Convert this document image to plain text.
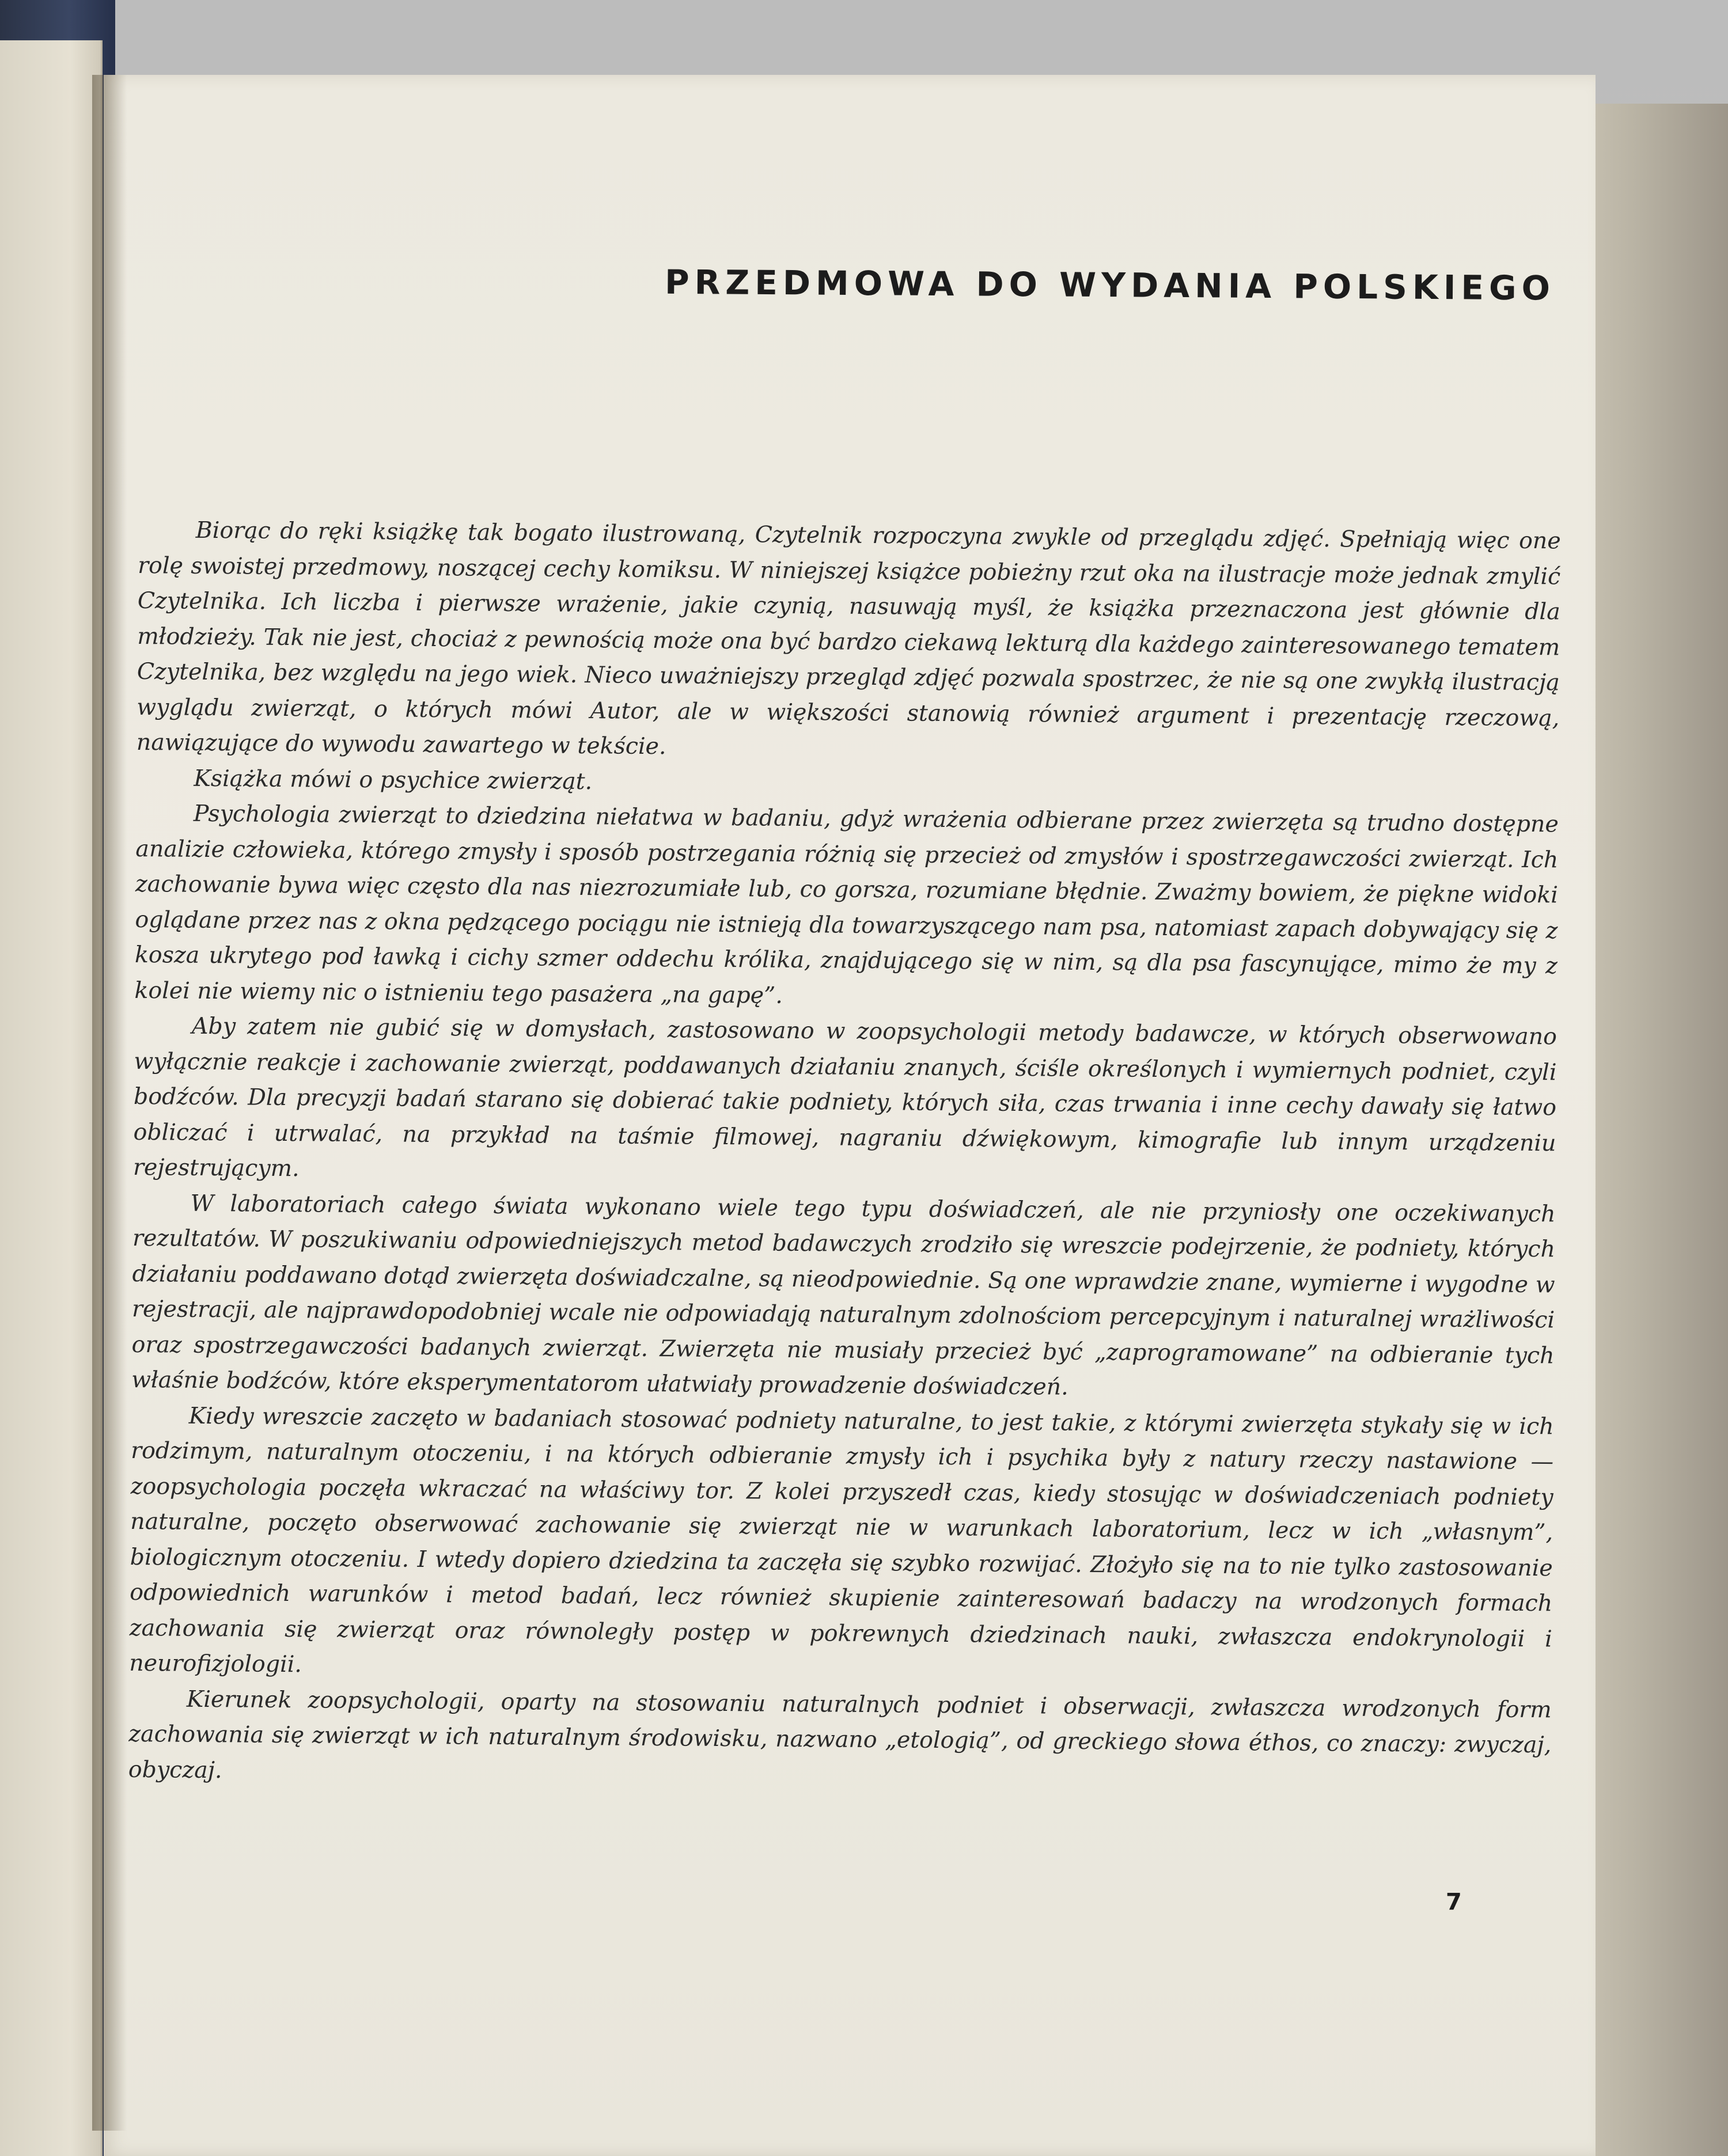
PRZEDMOWA DO WYDANIA POLSKIEGO

Biorąc do ręki książkę tak bogato ilustrowaną, Czytelnik rozpoczyna zwykle od przeglądu zdjęć. Spełniają więc one rolę swoistej przedmowy, noszącej cechy komiksu. W niniejszej książce pobieżny rzut oka na ilustracje może jednak zmylić Czytelnika. Ich liczba i pierwsze wrażenie, jakie czynią, nasuwają myśl, że książka przeznaczona jest głównie dla młodzieży. Tak nie jest, chociaż z pewnością może ona być bardzo ciekawą lekturą dla każdego zainteresowanego tematem Czytelnika, bez względu na jego wiek. Nieco uważniejszy przegląd zdjęć pozwala spostrzec, że nie są one zwykłą ilustracją wyglądu zwierząt, o których mówi Autor, ale w większości stanowią również argument i prezentację rzeczową, nawiązujące do wywodu zawartego w tekście.

Książka mówi o psychice zwierząt.

Psychologia zwierząt to dziedzina niełatwa w badaniu, gdyż wrażenia odbierane przez zwierzęta są trudno dostępne analizie człowieka, którego zmysły i sposób postrzegania różnią się przecież od zmysłów i spostrzegawczości zwierząt. Ich zachowanie bywa więc często dla nas niezrozumiałe lub, co gorsza, rozumiane błędnie. Zważmy bowiem, że piękne widoki oglądane przez nas z okna pędzącego pociągu nie istnieją dla towarzyszącego nam psa, natomiast zapach dobywający się z kosza ukrytego pod ławką i cichy szmer oddechu królika, znajdującego się w nim, są dla psa fascynujące, mimo że my z kolei nie wiemy nic o istnieniu tego pasażera „na gapę”.

Aby zatem nie gubić się w domysłach, zastosowano w zoopsychologii metody badawcze, w których obserwowano wyłącznie reakcje i zachowanie zwierząt, poddawanych działaniu znanych, ściśle określonych i wymiernych podniet, czyli bodźców. Dla precyzji badań starano się dobierać takie podniety, których siła, czas trwania i inne cechy dawały się łatwo obliczać i utrwalać, na przykład na taśmie filmowej, nagraniu dźwiękowym, kimografie lub innym urządzeniu rejestrującym.

W laboratoriach całego świata wykonano wiele tego typu doświadczeń, ale nie przyniosły one oczekiwanych rezultatów. W poszukiwaniu odpowiedniejszych metod badawczych zrodziło się wreszcie podejrzenie, że podniety, których działaniu poddawano dotąd zwierzęta doświadczalne, są nieodpowiednie. Są one wprawdzie znane, wymierne i wygodne w rejestracji, ale najprawdopodobniej wcale nie odpowiadają naturalnym zdolnościom percepcyjnym i naturalnej wrażliwości oraz spostrzegawczości badanych zwierząt. Zwierzęta nie musiały przecież być „zaprogramowane” na odbieranie tych właśnie bodźców, które eksperymentatorom ułatwiały prowadzenie doświadczeń.

Kiedy wreszcie zaczęto w badaniach stosować podniety naturalne, to jest takie, z którymi zwierzęta stykały się w ich rodzimym, naturalnym otoczeniu, i na których odbieranie zmysły ich i psychika były z natury rzeczy nastawione — zoopsychologia poczęła wkraczać na właściwy tor. Z kolei przyszedł czas, kiedy stosując w doświadczeniach podniety naturalne, poczęto obserwować zachowanie się zwierząt nie w warunkach laboratorium, lecz w ich „własnym”, biologicznym otoczeniu. I wtedy dopiero dziedzina ta zaczęła się szybko rozwijać. Złożyło się na to nie tylko zastosowanie odpowiednich warunków i metod badań, lecz również skupienie zainteresowań badaczy na wrodzonych formach zachowania się zwierząt oraz równoległy postęp w pokrewnych dziedzinach nauki, zwłaszcza endokrynologii i neurofizjologii.

Kierunek zoopsychologii, oparty na stosowaniu naturalnych podniet i obserwacji, zwłaszcza wrodzonych form zachowania się zwierząt w ich naturalnym środowisku, nazwano „etologią”, od greckiego słowa éthos, co znaczy: zwyczaj, obyczaj.

7
